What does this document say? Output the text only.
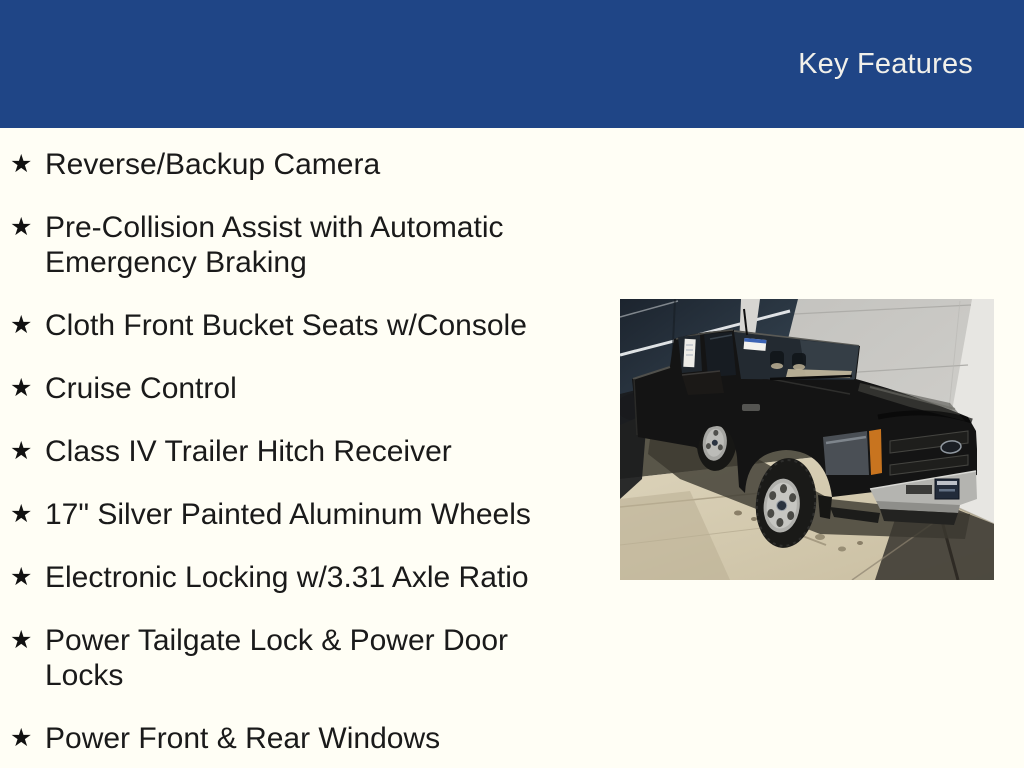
Key Features
★ Reverse/Backup Camera
★ Pre-Collision Assist with Automatic Emergency Braking
★ Cloth Front Bucket Seats w/Console
★ Cruise Control
★ Class IV Trailer Hitch Receiver
★ 17" Silver Painted Aluminum Wheels
★ Electronic Locking w/3.31 Axle Ratio
★ Power Tailgate Lock & Power Door Locks
★ Power Front & Rear Windows
